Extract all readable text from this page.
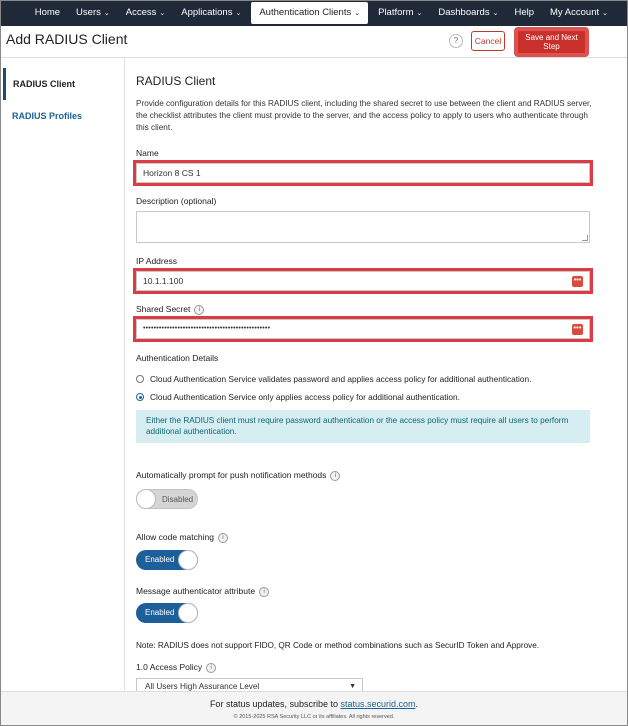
Home	Users ⌄	Access ⌄	Applications ⌄	Authentication Clients ⌄	Platform ⌄	Dashboards ⌄	Help	My Account ⌄
Add RADIUS Client	?	Cancel	Save and Next Step
RADIUS Client
RADIUS Profiles
RADIUS Client
Provide configuration details for this RADIUS client, including the shared secret to use between the client and RADIUS server, the checklist attributes the client must provide to the server, and the access policy to apply to users who authenticate through this client.
Name
Horizon 8 CS 1
Description (optional)
IP Address
10.1.1.100	•••
Shared Secret i
••••••••••••••••••••••••••••••••••••••••••••••••	•••
Authentication Details
Cloud Authentication Service validates password and applies access policy for additional authentication.
Cloud Authentication Service only applies access policy for additional authentication.
Either the RADIUS client must require password authentication or the access policy must require all users to perform additional authentication.
Automatically prompt for push notification methods i
Disabled
Allow code matching i
Enabled
Message authenticator attribute i
Enabled
Note: RADIUS does not support FIDO, QR Code or method combinations such as SecurID Token and Approve.
1.0 Access Policy i
All Users High Assurance Level	▼
For status updates, subscribe to status.securid.com.
© 2015-2025 RSA Security LLC or its affiliates. All rights reserved.
